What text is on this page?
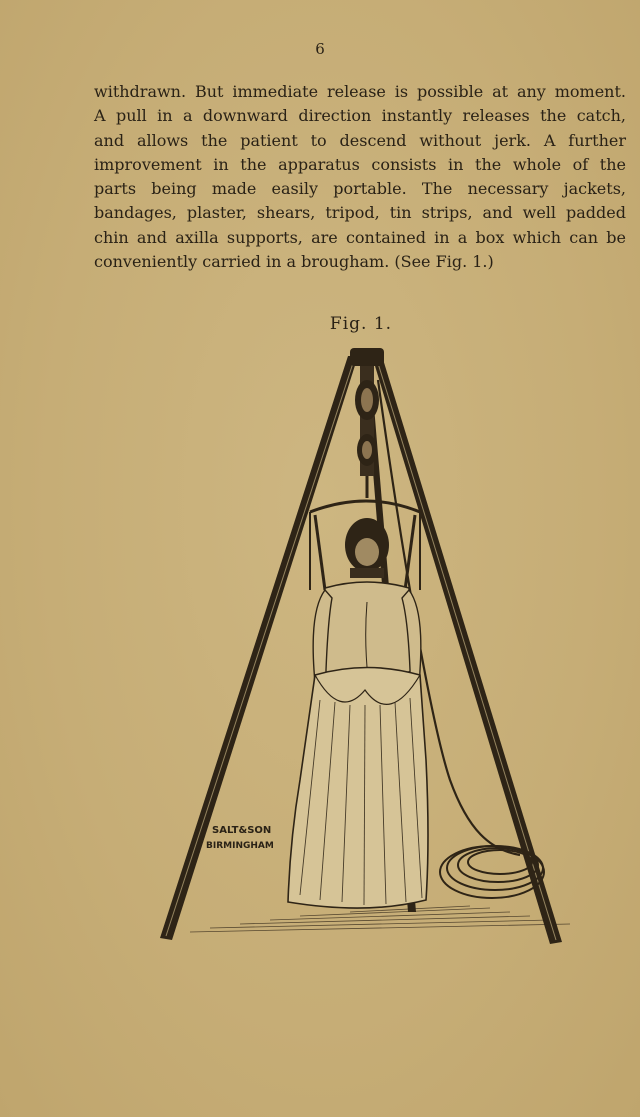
6
withdrawn. But immediate release is possible at any moment.
A pull in a downward direction instantly releases the catch,
and allows the patient to descend without jerk. A further
improvement in the apparatus consists in the whole of the
parts being made easily portable. The necessary jackets,
bandages, plaster, shears, tripod, tin strips, and well padded
chin and axilla supports, are contained in a box which can be
conveniently carried in a brougham. (See Fig. 1.)
Fig. 1.
SALT&SON
BIRMINGHAM
